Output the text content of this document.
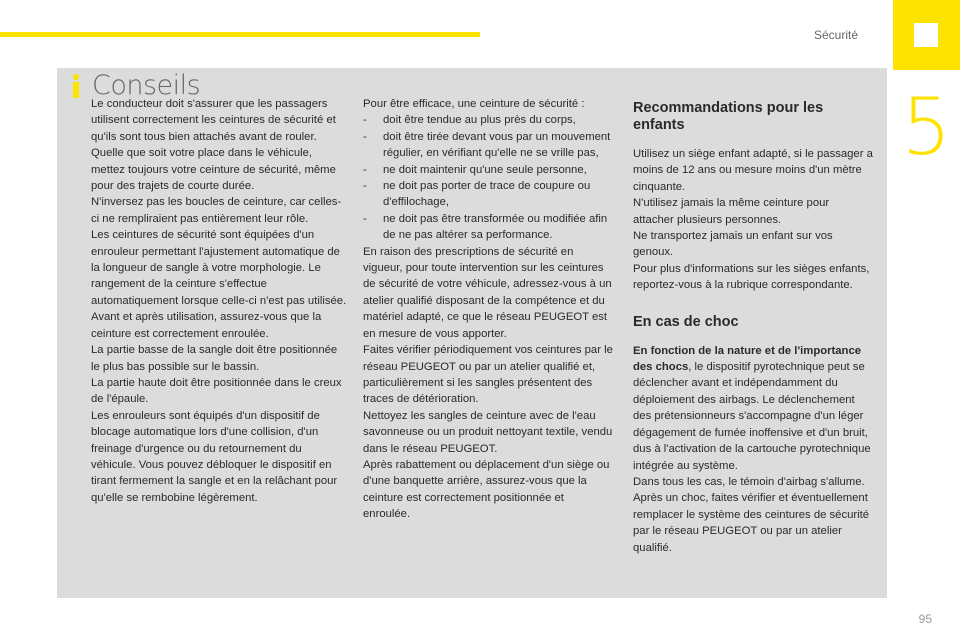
Sécurité
5
Conseils

Le conducteur doit s'assurer que les passagers utilisent correctement les ceintures de sécurité et qu'ils sont tous bien attachés avant de rouler.

Quelle que soit votre place dans le véhicule, mettez toujours votre ceinture de sécurité, même pour des trajets de courte durée.

N'inversez pas les boucles de ceinture, car celles-ci ne rempliraient pas entièrement leur rôle.

Les ceintures de sécurité sont équipées d'un enrouleur permettant l'ajustement automatique de la longueur de sangle à votre morphologie. Le rangement de la ceinture s'effectue automatiquement lorsque celle-ci n'est pas utilisée.

Avant et après utilisation, assurez-vous que la ceinture est correctement enroulée.

La partie basse de la sangle doit être positionnée le plus bas possible sur le bassin.

La partie haute doit être positionnée dans le creux de l'épaule.

Les enrouleurs sont équipés d'un dispositif de blocage automatique lors d'une collision, d'un freinage d'urgence ou du retournement du véhicule. Vous pouvez débloquer le dispositif en tirant fermement la sangle et en la relâchant pour qu'elle se rembobine légèrement.

Pour être efficace, une ceinture de sécurité :

-	doit être tendue au plus près du corps,
-	doit être tirée devant vous par un mouvement régulier, en vérifiant qu'elle ne se vrille pas,
-	ne doit maintenir qu'une seule personne,
-	ne doit pas porter de trace de coupure ou d'effilochage,
-	ne doit pas être transformée ou modifiée afin de ne pas altérer sa performance.

En raison des prescriptions de sécurité en vigueur, pour toute intervention sur les ceintures de sécurité de votre véhicule, adressez-vous à un atelier qualifié disposant de la compétence et du matériel adapté, ce que le réseau PEUGEOT est en mesure de vous apporter.

Faites vérifier périodiquement vos ceintures par le réseau PEUGEOT ou par un atelier qualifié et, particulièrement si les sangles présentent des traces de détérioration.

Nettoyez les sangles de ceinture avec de l'eau savonneuse ou un produit nettoyant textile, vendu dans le réseau PEUGEOT.

Après rabattement ou déplacement d'un siège ou d'une banquette arrière, assurez-vous que la ceinture est correctement positionnée et enroulée.

Recommandations pour les enfants

Utilisez un siège enfant adapté, si le passager a moins de 12 ans ou mesure moins d'un mètre cinquante.

N'utilisez jamais la même ceinture pour attacher plusieurs personnes.

Ne transportez jamais un enfant sur vos genoux.

Pour plus d'informations sur les sièges enfants, reportez-vous à la rubrique correspondante.

En cas de choc

En fonction de la nature et de l'importance des chocs, le dispositif pyrotechnique peut se déclencher avant et indépendamment du déploiement des airbags. Le déclenchement des prétensionneurs s'accompagne d'un léger dégagement de fumée inoffensive et d'un bruit, dus à l'activation de la cartouche pyrotechnique intégrée au système.

Dans tous les cas, le témoin d'airbag s'allume.

Après un choc, faites vérifier et éventuellement remplacer le système des ceintures de sécurité par le réseau PEUGEOT ou par un atelier qualifié.

95
